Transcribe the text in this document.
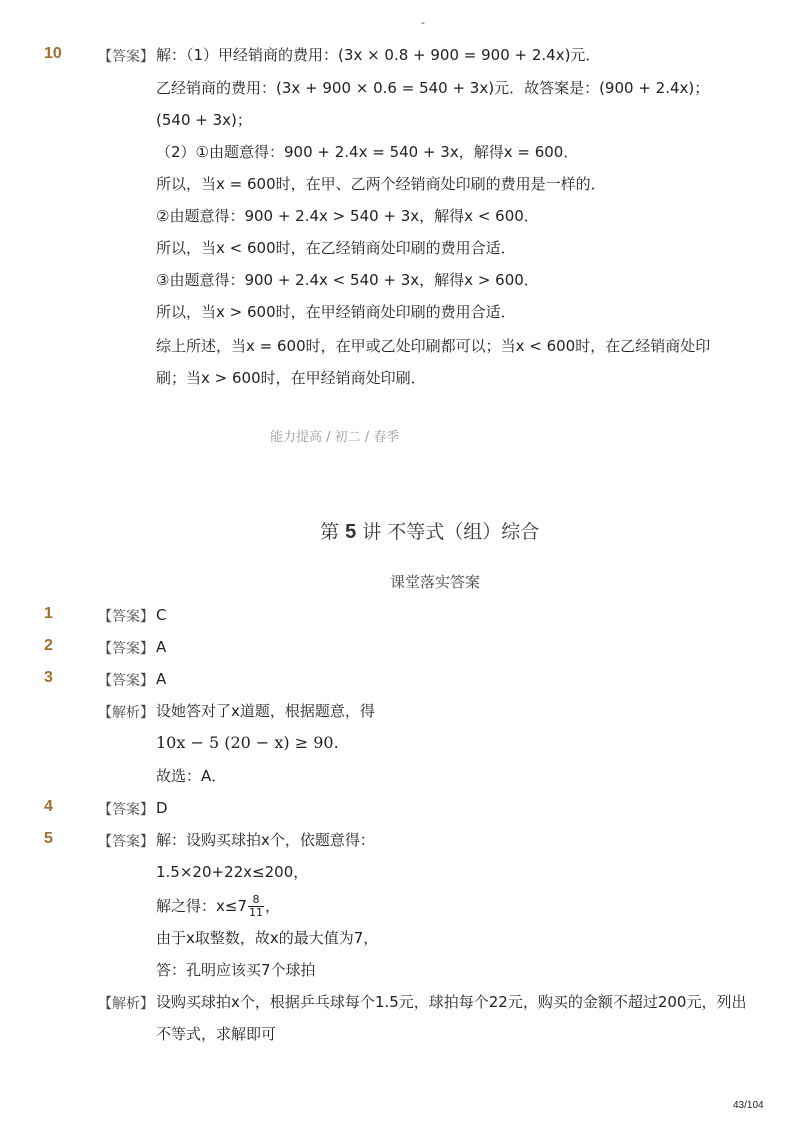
-
10	【答案】 解：（1）甲经销商的费用：(3x × 0.8 + 900 = 900 + 2.4x)元．
乙经销商的费用：(3x + 900 × 0.6 = 540 + 3x)元．故答案是：(900 + 2.4x)；
(540 + 3x)；
（2）①由题意得：900 + 2.4x = 540 + 3x，解得x = 600．
所以，当x = 600时，在甲、乙两个经销商处印刷的费用是一样的．
②由题意得：900 + 2.4x > 540 + 3x，解得x < 600．
所以，当x < 600时，在乙经销商处印刷的费用合适．
③由题意得：900 + 2.4x < 540 + 3x，解得x > 600．
所以，当x > 600时，在甲经销商处印刷的费用合适．
综上所述，当x = 600时，在甲或乙处印刷都可以；当x < 600时，在乙经销商处印
刷；当x > 600时，在甲经销商处印刷．
能力提高 / 初二 / 春季
第 5 讲 不等式（组）综合
课堂落实答案
1	【答案】 C
2	【答案】 A
3	【答案】 A
【解析】 设她答对了x道题，根据题意，得
10x − 5 (20 − x) ≥ 90.
故选：A．
4	【答案】 D
5	【答案】 解：设购买球拍x个，依题意得：
1.5×20+22x≤200，
解之得：$x\le 7 \frac{8}{11}$ ，
由于x取整数，故x的最大值为7，
答：孔明应该买7个球拍
【解析】 设购买球拍x个，根据乒乓球每个1.5元，球拍每个22元，购买的金额不超过200元，列出
不等式，求解即可
43/104
